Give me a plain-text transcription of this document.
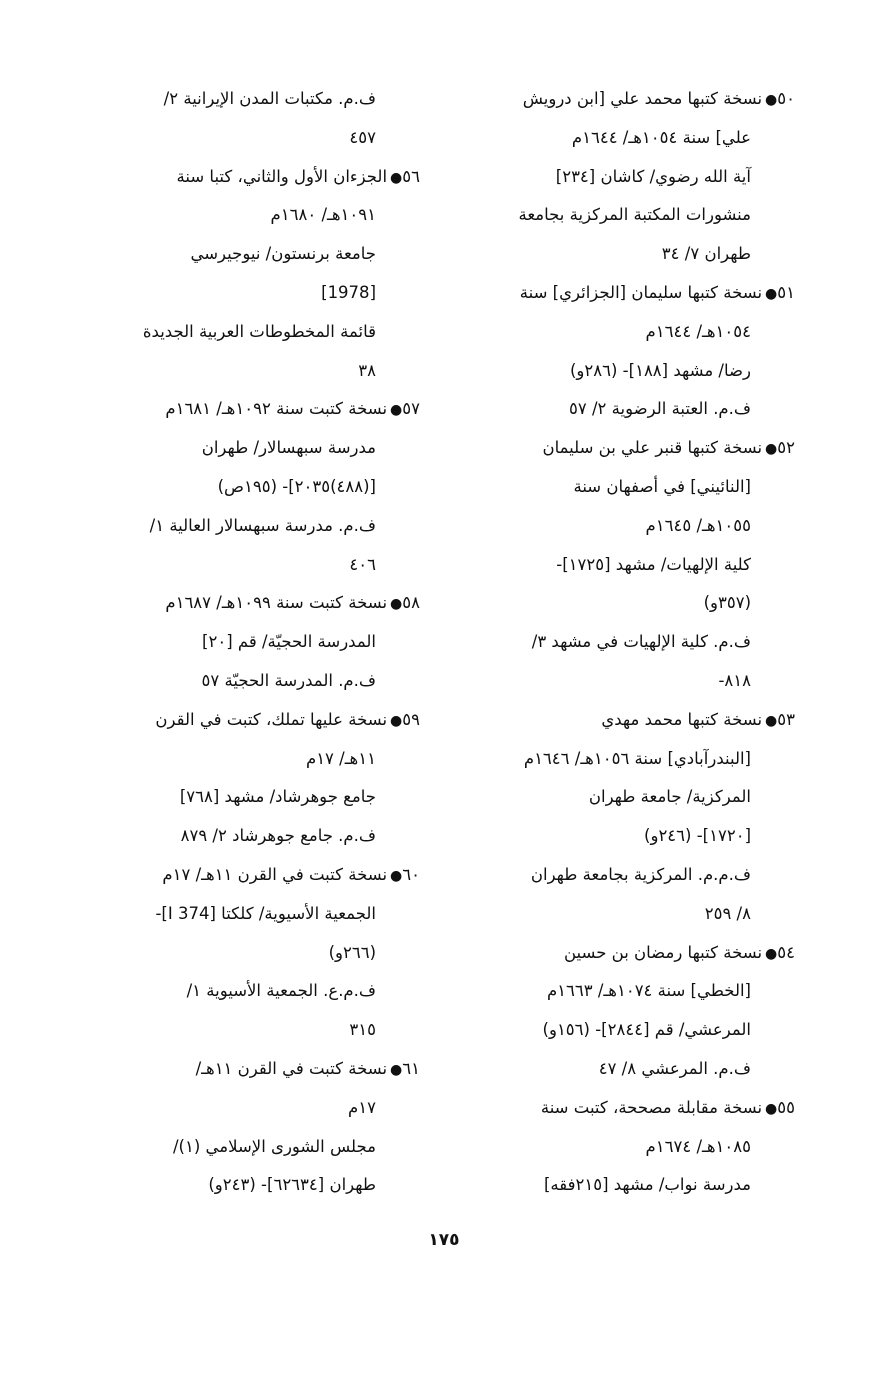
٥٠●نسخة كتبها محمد علي [ابن درويش
علي] سنة ١٠٥٤هـ/ ١٦٤٤م
آية الله رضوي/ كاشان [٢٣٤]
منشورات المكتبة المركزية بجامعة
طهران ٧/ ٣٤
٥١●نسخة كتبها سليمان [الجزائري] سنة
١٠٥٤هـ/ ١٦٤٤م
رضا/ مشهد [١٨٨]- (٢٨٦و)
ف.م. العتبة الرضوية ٢/ ٥٧
٥٢●نسخة كتبها قنبر علي بن سليمان
[النائيني] في أصفهان سنة
١٠٥٥هـ/ ١٦٤٥م
كلية الإلهيات/ مشهد [١٧٢٥]-
(٣٥٧و)
ف.م. كلية الإلهيات في مشهد ٣/
٨١٨-
٥٣●نسخة كتبها محمد مهدي
[البندرآبادي] سنة ١٠٥٦هـ/ ١٦٤٦م
المركزية/ جامعة طهران
[١٧٢٠]- (٢٤٦و)
ف.م.م. المركزية بجامعة طهران
٨/ ٢٥٩
٥٤●نسخة كتبها رمضان بن حسين
[الخطي] سنة ١٠٧٤هـ/ ١٦٦٣م
المرعشي/ قم [٢٨٤٤]- (١٥٦و)
ف.م. المرعشي ٨/ ٤٧
٥٥●نسخة مقابلة مصححة، كتبت سنة
١٠٨٥هـ/ ١٦٧٤م
مدرسة نواب/ مشهد [٢١٥فقه]
ف.م. مكتبات المدن الإيرانية ٢/
٤٥٧
٥٦●الجزءان الأول والثاني، كتبا سنة
١٠٩١هـ/ ١٦٨٠م
جامعة برنستون/ نيوجيرسي
[1978]
قائمة المخطوطات العربية الجديدة
٣٨
٥٧●نسخة كتبت سنة ١٠٩٢هـ/ ١٦٨١م
مدرسة سبهسالار/ طهران
[(٤٨٨)٢٠٣٥]- (١٩٥ص)
ف.م. مدرسة سبهسالار العالية ١/
٤٠٦
٥٨●نسخة كتبت سنة ١٠٩٩هـ/ ١٦٨٧م
المدرسة الحجيّة/ قم [٢٠]
ف.م. المدرسة الحجيّة ٥٧
٥٩●نسخة عليها تملك، كتبت في القرن
١١هـ/ ١٧م
جامع جوهرشاد/ مشهد [٧٦٨]
ف.م. جامع جوهرشاد ٢/ ٨٧٩
٦٠●نسخة كتبت في القرن ١١هـ/ ١٧م
الجمعية الأسيوية/ كلكتا [I 374]-
(٢٦٦و)
ف.م.ع. الجمعية الأسيوية ١/
٣١٥
٦١●نسخة كتبت في القرن ١١هـ/
١٧م
مجلس الشورى الإسلامي (١)/
طهران [٦٢٦٣٤]- (٢٤٣و)
١٧٥
